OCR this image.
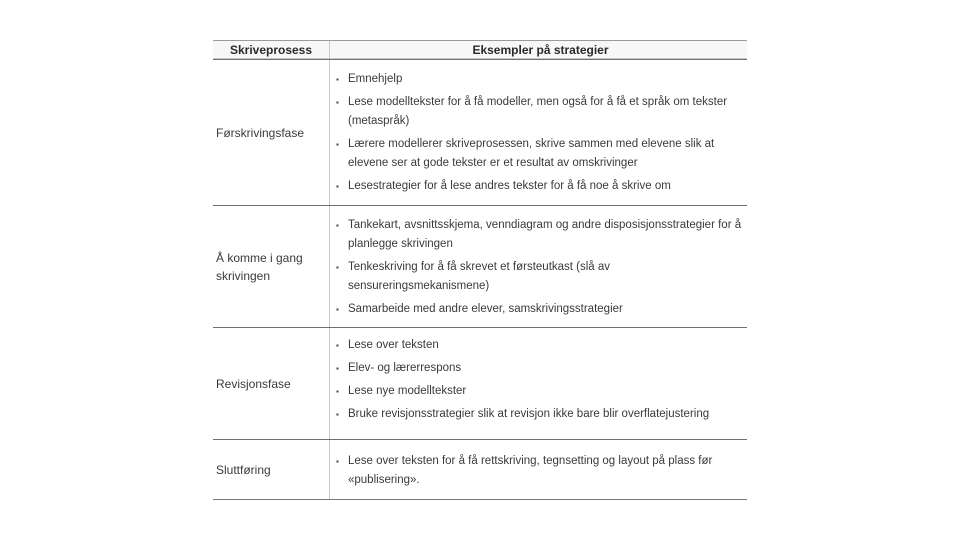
Skriveprosess	Eksempler på strategier
Førskrivingsfase
▪ Emnehjelp
▪ Lese modelltekster for å få modeller, men også for å få et språk om tekster (metaspråk)
▪ Lærere modellerer skriveprosessen, skrive sammen med elevene slik at elevene ser at gode tekster er et resultat av omskrivinger
▪ Lesestrategier for å lese andres tekster for å få noe å skrive om
Å komme i gang skrivingen
▪ Tankekart, avsnittsskjema, venndiagram og andre disposisjonsstrategier for å planlegge skrivingen
▪ Tenkeskriving for å få skrevet et førsteutkast (slå av sensureringsmekanismene)
▪ Samarbeide med andre elever, samskrivingsstrategier
Revisjonsfase
▪ Lese over teksten
▪ Elev- og lærerrespons
▪ Lese nye modelltekster
▪ Bruke revisjonsstrategier slik at revisjon ikke bare blir overflatejustering
Sluttføring
▪ Lese over teksten for å få rettskriving, tegnsetting og layout på plass før «publisering».
